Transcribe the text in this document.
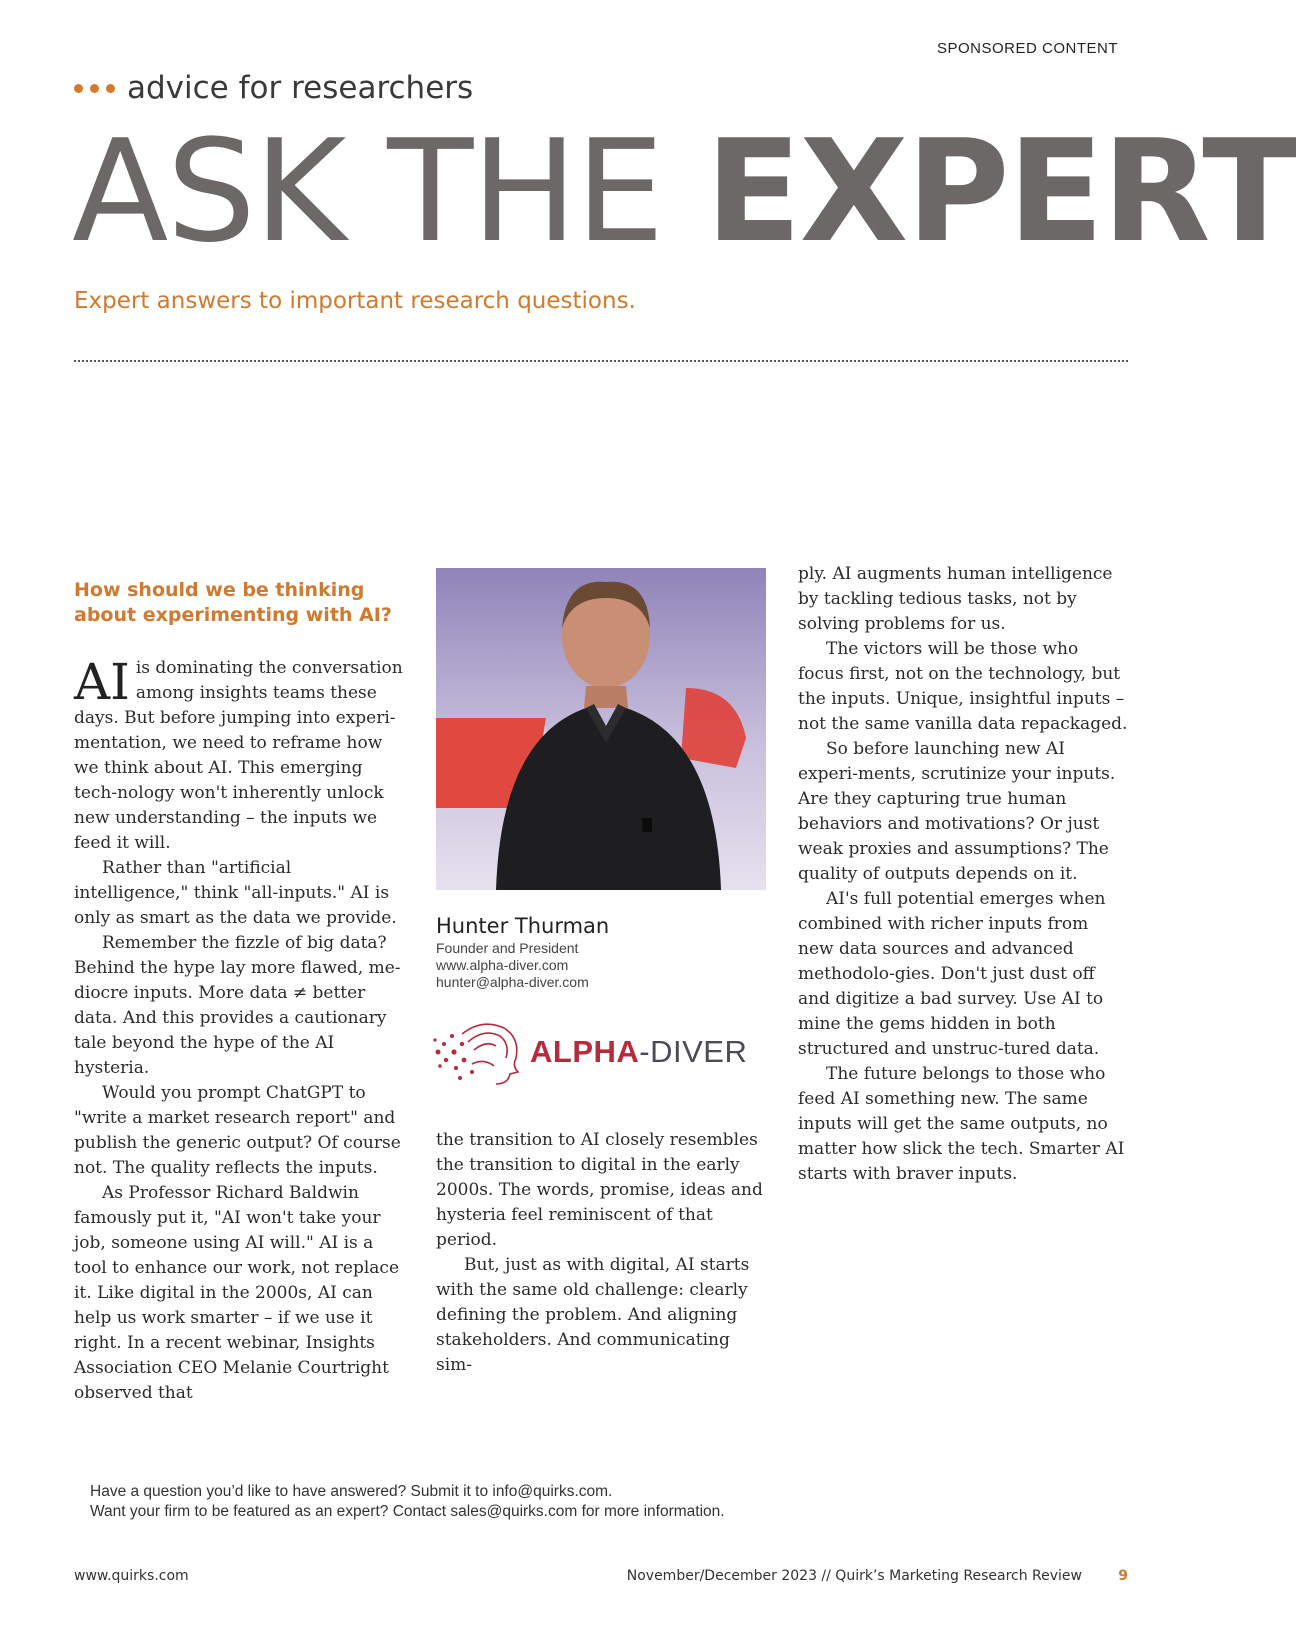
SPONSORED CONTENT
advice for researchers
ASK THE EXPERT
Expert answers to important research questions.
How should we be thinking about experimenting with AI?

AI is dominating the conversation among insights teams these days. But before jumping into experi-mentation, we need to reframe how we think about AI. This emerging tech-nology won't inherently unlock new understanding – the inputs we feed it will.

Rather than "artificial intelligence," think "all-inputs." AI is only as smart as the data we provide.

Remember the fizzle of big data? Behind the hype lay more flawed, me-diocre inputs. More data ≠ better data. And this provides a cautionary tale beyond the hype of the AI hysteria.

Would you prompt ChatGPT to "write a market research report" and publish the generic output? Of course not. The quality reflects the inputs.

As Professor Richard Baldwin famously put it, "AI won't take your job, someone using AI will." AI is a tool to enhance our work, not replace it. Like digital in the 2000s, AI can help us work smarter – if we use it right. In a recent webinar, Insights Association CEO Melanie Courtright observed that

Hunter Thurman
Founder and President
www.alpha-diver.com
hunter@alpha-diver.com
ALPHA-DIVER

the transition to AI closely resembles the transition to digital in the early 2000s. The words, promise, ideas and hysteria feel reminiscent of that period.

But, just as with digital, AI starts with the same old challenge: clearly defining the problem. And aligning stakeholders. And communicating sim-

ply. AI augments human intelligence by tackling tedious tasks, not by solving problems for us.

The victors will be those who focus first, not on the technology, but the inputs. Unique, insightful inputs – not the same vanilla data repackaged.

So before launching new AI experi-ments, scrutinize your inputs. Are they capturing true human behaviors and motivations? Or just weak proxies and assumptions? The quality of outputs depends on it.

AI's full potential emerges when combined with richer inputs from new data sources and advanced methodolo-gies. Don't just dust off and digitize a bad survey. Use AI to mine the gems hidden in both structured and unstruc-tured data.

The future belongs to those who feed AI something new. The same inputs will get the same outputs, no matter how slick the tech. Smarter AI starts with braver inputs.

Have a question you’d like to have answered? Submit it to info@quirks.com.
Want your firm to be featured as an expert? Contact sales@quirks.com for more information.
www.quirks.com	November/December 2023 // Quirk’s Marketing Research Review	9
